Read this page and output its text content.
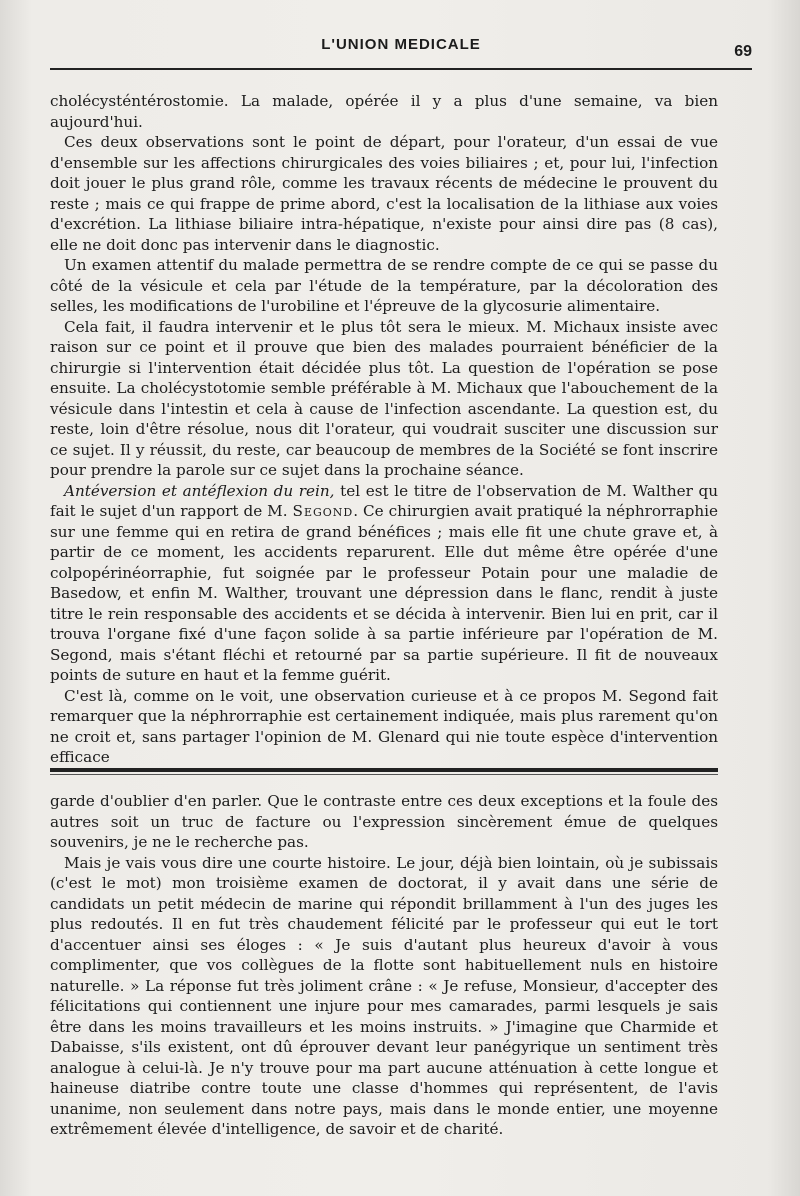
L'UNION MEDICALE	69

cholécysténtérostomie. La malade, opérée il y a plus d'une semaine, va bien aujourd'hui.

Ces deux observations sont le point de départ, pour l'orateur, d'un essai de vue d'ensemble sur les affections chirurgicales des voies biliaires ; et, pour lui, l'infection doit jouer le plus grand rôle, comme les travaux récents de médecine le prouvent du reste ; mais ce qui frappe de prime abord, c'est la localisation de la lithiase aux voies d'excrétion. La lithiase biliaire intra-hépatique, n'existe pour ainsi dire pas (8 cas), elle ne doit donc pas intervenir dans le diagnostic.

Un examen attentif du malade permettra de se rendre compte de ce qui se passe du côté de la vésicule et cela par l'étude de la température, par la décoloration des selles, les modifications de l'urobiline et l'épreuve de la glycosurie alimentaire.

Cela fait, il faudra intervenir et le plus tôt sera le mieux. M. Michaux insiste avec raison sur ce point et il prouve que bien des malades pourraient bénéficier de la chirurgie si l'intervention était décidée plus tôt. La question de l'opération se pose ensuite. La cholécystotomie semble préférable à M. Michaux que l'abouchement de la vésicule dans l'intestin et cela à cause de l'infection ascendante. La question est, du reste, loin d'être résolue, nous dit l'orateur, qui voudrait susciter une discussion sur ce sujet. Il y réussit, du reste, car beaucoup de membres de la Société se font inscrire pour prendre la parole sur ce sujet dans la prochaine séance.

Antéversion et antéflexion du rein, tel est le titre de l'observation de M. Walther qu fait le sujet d'un rapport de M. Segond. Ce chirurgien avait pratiqué la néphrorraphie sur une femme qui en retira de grand bénéfices ; mais elle fit une chute grave et, à partir de ce moment, les accidents reparurent. Elle dut même être opérée d'une colpopérinéorraphie, fut soignée par le professeur Potain pour une maladie de Basedow, et enfin M. Walther, trouvant une dépression dans le flanc, rendit à juste titre le rein responsable des accidents et se décida à intervenir. Bien lui en prit, car il trouva l'organe fixé d'une façon solide à sa partie inférieure par l'opération de M. Segond, mais s'étant fléchi et retourné par sa partie supérieure. Il fit de nouveaux points de suture en haut et la femme guérit.

C'est là, comme on le voit, une observation curieuse et à ce propos M. Segond fait remarquer que la néphrorraphie est certainement indiquée, mais plus rarement qu'on ne croit et, sans partager l'opinion de M. Glenard qui nie toute espèce d'intervention efficace

garde d'oublier d'en parler. Que le contraste entre ces deux exceptions et la foule des autres soit un truc de facture ou l'expression sincèrement émue de quelques souvenirs, je ne le recherche pas.

Mais je vais vous dire une courte histoire. Le jour, déjà bien lointain, où je subissais (c'est le mot) mon troisième examen de doctorat, il y avait dans une série de candidats un petit médecin de marine qui répondit brillamment à l'un des juges les plus redoutés. Il en fut très chaudement félicité par le professeur qui eut le tort d'accentuer ainsi ses éloges : « Je suis d'autant plus heureux d'avoir à vous complimenter, que vos collègues de la flotte sont habituellement nuls en histoire naturelle. » La réponse fut très joliment crâne : « Je refuse, Monsieur, d'accepter des félicitations qui contiennent une injure pour mes camarades, parmi lesquels je sais être dans les moins travailleurs et les moins instruits. » J'imagine que Charmide et Dabaisse, s'ils existent, ont dû éprouver devant leur panégyrique un sentiment très analogue à celui-là. Je n'y trouve pour ma part aucune atténuation à cette longue et haineuse diatribe contre toute une classe d'hommes qui représentent, de l'avis unanime, non seulement dans notre pays, mais dans le monde entier, une moyenne extrêmement élevée d'intelligence, de savoir et de charité.
